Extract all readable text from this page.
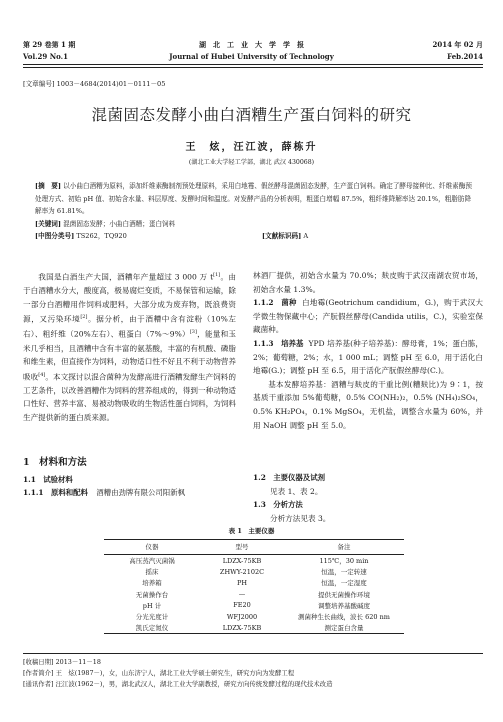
第 29 卷第 1 期	湖　北　工　业　大　学　学　报	2014 年 02 月
Vol.29 No.1	Journal of Hubei University of Technology	Feb.2014
[文章编号] 1003－4684(2014)01－0111－05
混菌固态发酵小曲白酒糟生产蛋白饲料的研究
王　炫，汪江波，薛栋升
(湖北工业大学轻工学部，湖北 武汉 430068)
[摘　要] 以小曲白酒糟为原料，添加纤维素酶制剂预处理原料，采用白地霉、假丝酵母混菌固态发酵，生产蛋白饲料。确定了酵母接种比、纤维素酶预处理方式、初始 pH 值、初始含水量、料层厚度、发酵时间和温度。对发酵产品的分析表明，粗蛋白增幅 87.5%，粗纤维降解率达 20.1%，粗脂肪降解率为 61.81%。
[关键词] 混菌固态发酵；小曲白酒糟；蛋白饲料
[中图分类号] TS262，TQ920	[文献标识码] A

我国是白酒生产大国，酒糟年产量超过 3 000 万 t[1]。由于白酒糟水分大，酸度高，极易腐烂变质，不易保管和运输，除一部分白酒糟用作饲料或肥料，大部分成为废弃物，既浪费资源，又污染环境[2]。据分析，由于酒糟中含有淀粉（10%左右）、粗纤维（20%左右）、粗蛋白（7%～9%）[3]，能量和玉米几乎相当，且酒糟中含有丰富的氨基酸，丰富的有机酸、磷脂和维生素，但直接作为饲料，动物适口性不好且不利于动物营养吸收[4]。本文探讨以混合菌种为发酵高进行酒糟发酵生产饲料的工艺条件，以改善酒糟作为饲料的营养组成的，得到一种动物适口性好、营养丰富、易被动物吸收的生物活性蛋白饲料，为饲料生产提供新的蛋白质来源。

1　材料和方法
1.1　试验材料
1.1.1　原料和配料 酒糟由劲牌有限公司阳新枫

林酒厂提供，初始含水量为 70.0%；麸皮购于武汉南湖农贸市场，初始含水量 1.3%。

1.1.2　菌种 白地霉(Geotrichum candidium，G.)，购于武汉大学微生物保藏中心；产朊假丝酵母(Candida utilis，C.)，实验室保藏菌种。

1.1.3　培养基 YPD 培养基(种子培养基)：酵母膏，1%；蛋白胨，2%；葡萄糖，2%；水，1 000 mL；调整 pH 至 6.0，用于活化白地霉(G.)；调整 pH 至 6.5，用于活化产朊假丝酵母(C.)。

基本发酵培养基：酒糟与麸皮的干重比例(糟麸比)为 9∶1，按基质干重添加 5%葡萄糖，0.5% CO(NH₂)₂，0.5% (NH₄)₂SO₄，0.5% KH₂PO₄，0.1% MgSO₄，无机盐，调整含水量为 60%，并用 NaOH 调整 pH 至 5.0。

1.2　主要仪器及试剂
见表 1、表 2。
1.3　分析方法
分析方法见表 3。
表 1　主要仪器
仪器	型号	备注
高压蒸汽灭菌锅	LDZX-75KB	115℃，30 min
摇床	ZHWY-2102C	恒温，一定转速
培养箱	PH	恒温，一定湿度
无菌操作台	—	提供无菌操作环境
pH 计	FE20	调整培养基酸碱度
分光光度计	WFJ2000	测菌种生长曲线，波长 620 nm
凯氏定氮仪	LDZX-75KB	测定蛋白含量
[收稿日期] 2013－11－18
[作者简介] 王　炫(1987－)，女，山东济宁人，湖北工业大学硕士研究生，研究方向为发酵工程
[通讯作者] 汪江波(1962－)，男，湖北武汉人，湖北工业大学副教授，研究方向传统发酵过程的现代技术改造
